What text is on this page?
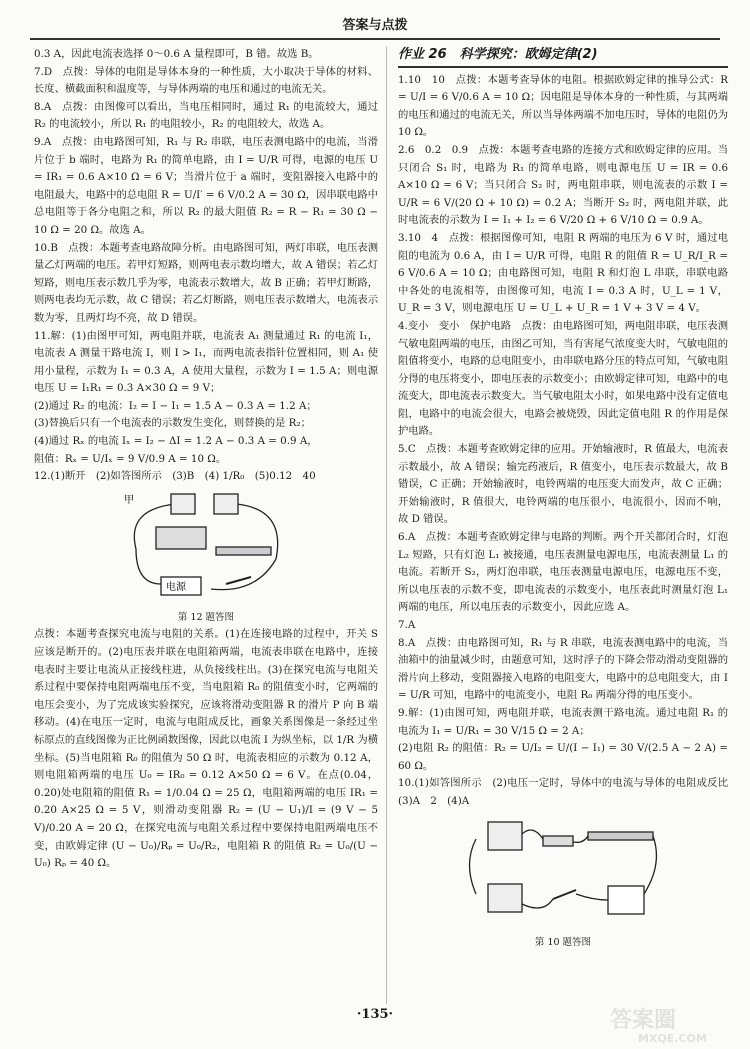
答案与点拨

0.3 A，因此电流表选择 0～0.6 A 量程即可，B 错。故选 B。

7.D　点拨：导体的电阻是导体本身的一种性质，大小取决于导体的材料、长度、横截面积和温度等，与导体两端的电压和通过的电流无关。

8.A　点拨：由图像可以看出，当电压相同时，通过 R₁ 的电流较大，通过 R₂ 的电流较小，所以 R₁ 的电阻较小，R₂ 的电阻较大，故选 A。

9.A　点拨：由电路图可知，R₁ 与 R₂ 串联，电压表测电路中的电流，当滑片位于 b 端时，电路为 R₁ 的简单电路，由 I = U/R 可得，电源的电压 U = IR₁ = 0.6 A×10 Ω = 6 V；当滑片位于 a 端时，变阻器接入电路中的电阻最大，电路中的总电阻 R = U/I′ = 6 V/0.2 A = 30 Ω，因串联电路中总电阻等于各分电阻之和，所以 R₂ 的最大阻值 R₂ = R − R₁ = 30 Ω − 10 Ω = 20 Ω。故选 A。

10.B　点拨：本题考查电路故障分析。由电路图可知，两灯串联，电压表测量乙灯两端的电压。若甲灯短路，则两电表示数均增大，故 A 错误；若乙灯短路，则电压表示数几乎为零，电流表示数增大，故 B 正确；若甲灯断路，则两电表均无示数，故 C 错误；若乙灯断路，则电压表示数增大，电流表示数为零，且两灯均不亮，故 D 错误。

11.解：(1)由图甲可知，两电阻并联，电流表 A₁ 测量通过 R₁ 的电流 I₁，电流表 A 测量干路电流 I，则 I > I₁，而两电流表指针位置相同，则 A₁ 使用小量程，示数为 I₁ = 0.3 A，A 使用大量程，示数为 I = 1.5 A；则电源电压 U = I₁R₁ = 0.3 A×30 Ω = 9 V；

(2)通过 R₂ 的电流：I₂ = I − I₁ = 1.5 A − 0.3 A = 1.2 A；

(3)替换后只有一个电流表的示数发生变化，则替换的是 R₂；

(4)通过 Rₓ 的电流 Iₓ = I₂ − ΔI = 1.2 A − 0.3 A = 0.9 A，

阻值：Rₓ = U/Iₓ = 9 V/0.9 A = 10 Ω。

12.(1)断开　(2)如答图所示　(3)B　(4) 1/R₀　(5)0.12　40

甲
电源
第 12 题答图

点拨：本题考查探究电流与电阻的关系。(1)在连接电路的过程中，开关 S 应该是断开的。(2)电压表并联在电阻箱两端，电流表串联在电路中，连接电表时主要让电流从正接线柱进，从负接线柱出。(3)在探究电流与电阻关系过程中要保持电阻两端电压不变，当电阻箱 R₀ 的阻值变小时，它两端的电压会变小，为了完成该实验探究，应该将滑动变阻器 R 的滑片 P 向 B 端移动。(4)在电压一定时，电流与电阻成反比，画象关系图像是一条经过坐标原点的直线图像为正比例函数图像，因此以电流 I 为纵坐标，以 1/R 为横坐标。(5)当电阻箱 R₀ 的阻值为 50 Ω 时，电流表相应的示数为 0.12 A，则电阻箱两端的电压 U₀ = IR₀ = 0.12 A×50 Ω = 6 V。在点(0.04，0.20)处电阻箱的阻值 R₁ = 1/0.04 Ω = 25 Ω，电阻箱两端的电压 IR₁ = 0.20 A×25 Ω = 5 V，则滑动变阻器 R₂ = (U − U₁)/I = (9 V − 5 V)/0.20 A = 20 Ω，在探究电流与电阻关系过程中要保持电阻两端电压不变，由欧姆定律 (U − U₀)/Rₚ = U₀/R₂，电阻箱 R 的阻值 R₂ = U₀/(U − U₀) Rₚ = 40 Ω。

作业 26　科学探究：欧姆定律(2)

1.10　10　点拨：本题考查导体的电阻。根据欧姆定律的推导公式：R = U/I = 6 V/0.6 A = 10 Ω；因电阻是导体本身的一种性质，与其两端的电压和通过的电流无关，所以当导体两端不加电压时，导体的电阻仍为 10 Ω。

2.6　0.2　0.9　点拨：本题考查电路的连接方式和欧姆定律的应用。当只闭合 S₁ 时，电路为 R₁ 的简单电路，则电源电压 U = IR = 0.6 A×10 Ω = 6 V；当只闭合 S₂ 时，两电阻串联，则电流表的示数 I = U/R = 6 V/(20 Ω + 10 Ω) = 0.2 A；当断开 S₂ 时，两电阻并联，此时电流表的示数为 I = I₁ + I₂ = 6 V/20 Ω + 6 V/10 Ω = 0.9 A。

3.10　4　点拨：根据图像可知，电阻 R 两端的电压为 6 V 时，通过电阻的电流为 0.6 A，由 I = U/R 可得，电阻 R 的阻值 R = U_R/I_R = 6 V/0.6 A = 10 Ω；由电路图可知，电阻 R 和灯泡 L 串联，串联电路中各处的电流相等，由图像可知，电流 I = 0.3 A 时，U_L = 1 V，U_R = 3 V，则电源电压 U = U_L + U_R = 1 V + 3 V = 4 V。

4.变小　变小　保护电路　点拨：由电路图可知，两电阻串联，电压表测气敏电阻两端的电压，由图乙可知，当有害尾气浓度变大时，气敏电阻的阻值将变小，电路的总电阻变小，由串联电路分压的特点可知，气敏电阻分得的电压将变小，即电压表的示数变小；由欧姆定律可知，电路中的电流变大，即电流表示数变大。当气敏电阻太小时，如果电路中没有定值电阻，电路中的电流会很大，电路会被烧毁，因此定值电阻 R 的作用是保护电路。

5.C　点拨：本题考查欧姆定律的应用。开始输液时，R 值最大，电流表示数最小，故 A 错误；输完药液后，R 值变小，电压表示数最大，故 B 错误，C 正确；开始输液时，电铃两端的电压变大而发声，故 C 正确；开始输液时，R 值很大，电铃两端的电压很小，电流很小，因而不响，故 D 错误。

6.A　点拨：本题考查欧姆定律与电路的判断。两个开关都闭合时，灯泡 L₂ 短路，只有灯泡 L₁ 被接通，电压表测量电源电压，电流表测量 L₁ 的电流。若断开 S₂，两灯泡串联，电压表测量电源电压，电源电压不变，所以电压表的示数不变，即电流表的示数变小，电压表此时测量灯泡 L₁ 两端的电压，所以电压表的示数变小，因此应选 A。

7.A

8.A　点拨：由电路图可知，R₁ 与 R 串联，电流表测电路中的电流，当油箱中的油量减少时，由题意可知，这时浮子的下降会带动滑动变阻器的滑片向上移动，变阻器接入电路的电阻变大，电路中的总电阻变大，由 I = U/R 可知，电路中的电流变小，电阻 R₀ 两端分得的电压变小。

9.解：(1)由图可知，两电阻并联，电流表测干路电流。通过电阻 R₁ 的电流为 I₁ = U/R₁ = 30 V/15 Ω = 2 A；

(2)电阻 R₂ 的阻值：R₂ = U/I₂ = U/(I − I₁) = 30 V/(2.5 A − 2 A) = 60 Ω。

10.(1)如答图所示　(2)电压一定时，导体中的电流与导体的电阻成反比　(3)A　2　(4)A

第 10 题答图
·135·	答案圈
MXQE.COM
